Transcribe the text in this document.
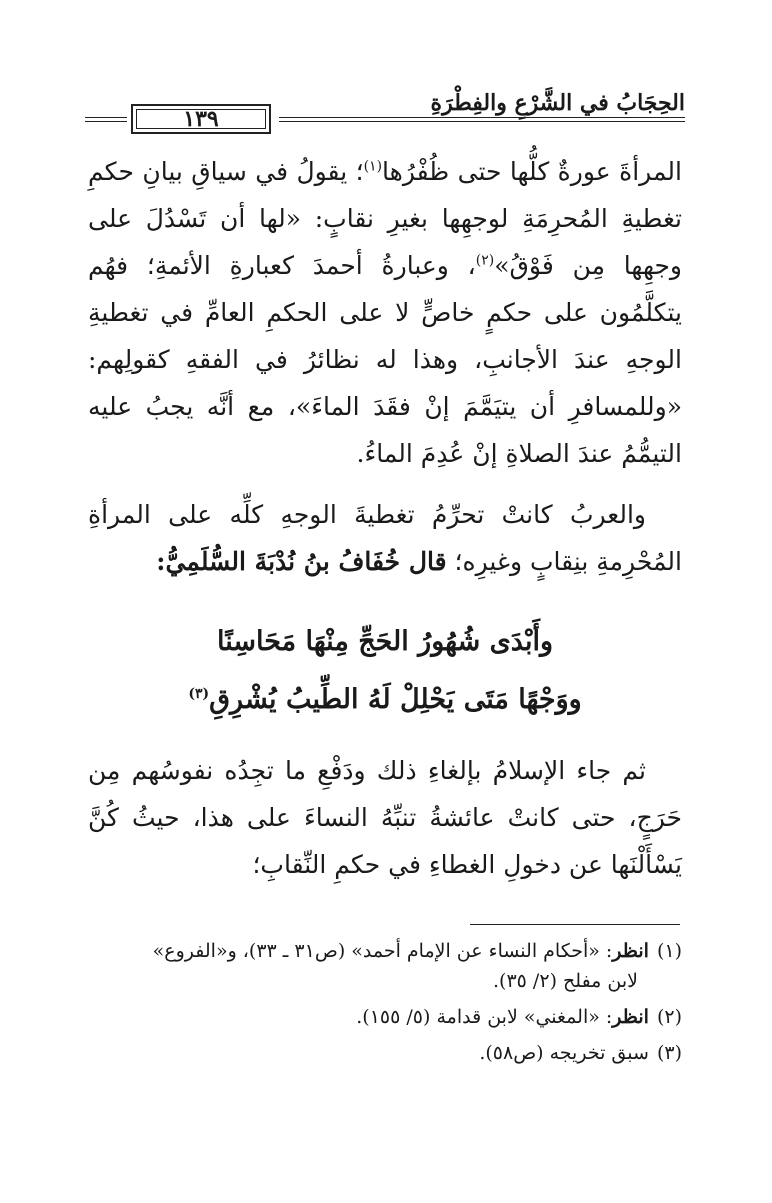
الحِجَابُ في الشَّرْعِ والفِطْرَةِ
١٣٩

المرأةَ عورةٌ كلُّها حتى ظُفْرُها$^{(١)}$؛ يقولُ في سياقِ بيانِ حكمِ تغطيةِ المُحرِمَةِ لوجهِها بغيرِ نقابٍ: «لها أن تَسْدُلَ على وجهِها مِن فَوْقُ»$^{(٢)}$، وعبارةُ أحمدَ كعبارةِ الأئمةِ؛ فهُم يتكلَّمُون على حكمٍ خاصٍّ لا على الحكمِ العامِّ في تغطيةِ الوجهِ عندَ الأجانبِ، وهذا له نظائرُ في الفقهِ كقولِهم: «وللمسافرِ أن يتيَمَّمَ إنْ فقَدَ الماءَ»، مع أنَّه يجبُ عليه التيمُّمُ عندَ الصلاةِ إنْ عُدِمَ الماءُ.

والعربُ كانتْ تحرِّمُ تغطيةَ الوجهِ كلِّه على المرأةِ المُحْرِمةِ بنِقابٍ وغيرِه؛ قال خُفَافُ بنُ نُدْبَةَ السُّلَمِيُّ:

وأَبْدَى شُهُورُ الحَجِّ مِنْهَا مَحَاسِنًا
ووَجْهًا مَتَى يَحْلِلْ لَهُ الطِّيبُ يُشْرِقِ$^{(٣)}$

ثم جاء الإسلامُ بإلغاءِ ذلك ودَفْعِ ما تجِدُه نفوسُهم مِن حَرَجٍ، حتى كانتْ عائشةُ تنبِّهُ النساءَ على هذا، حيثُ كُنَّ يَسْأَلْنَها عن دخولِ الغطاءِ في حكمِ النِّقابِ؛

(١)انظر: «أحكام النساء عن الإمام أحمد» (ص٣١ ـ ٣٣)، و«الفروع»
لابن مفلح (٢/ ٣٥).

(٢)انظر: «المغني» لابن قدامة (٥/ ١٥٥).

(٣)سبق تخريجه (ص٥٨).
